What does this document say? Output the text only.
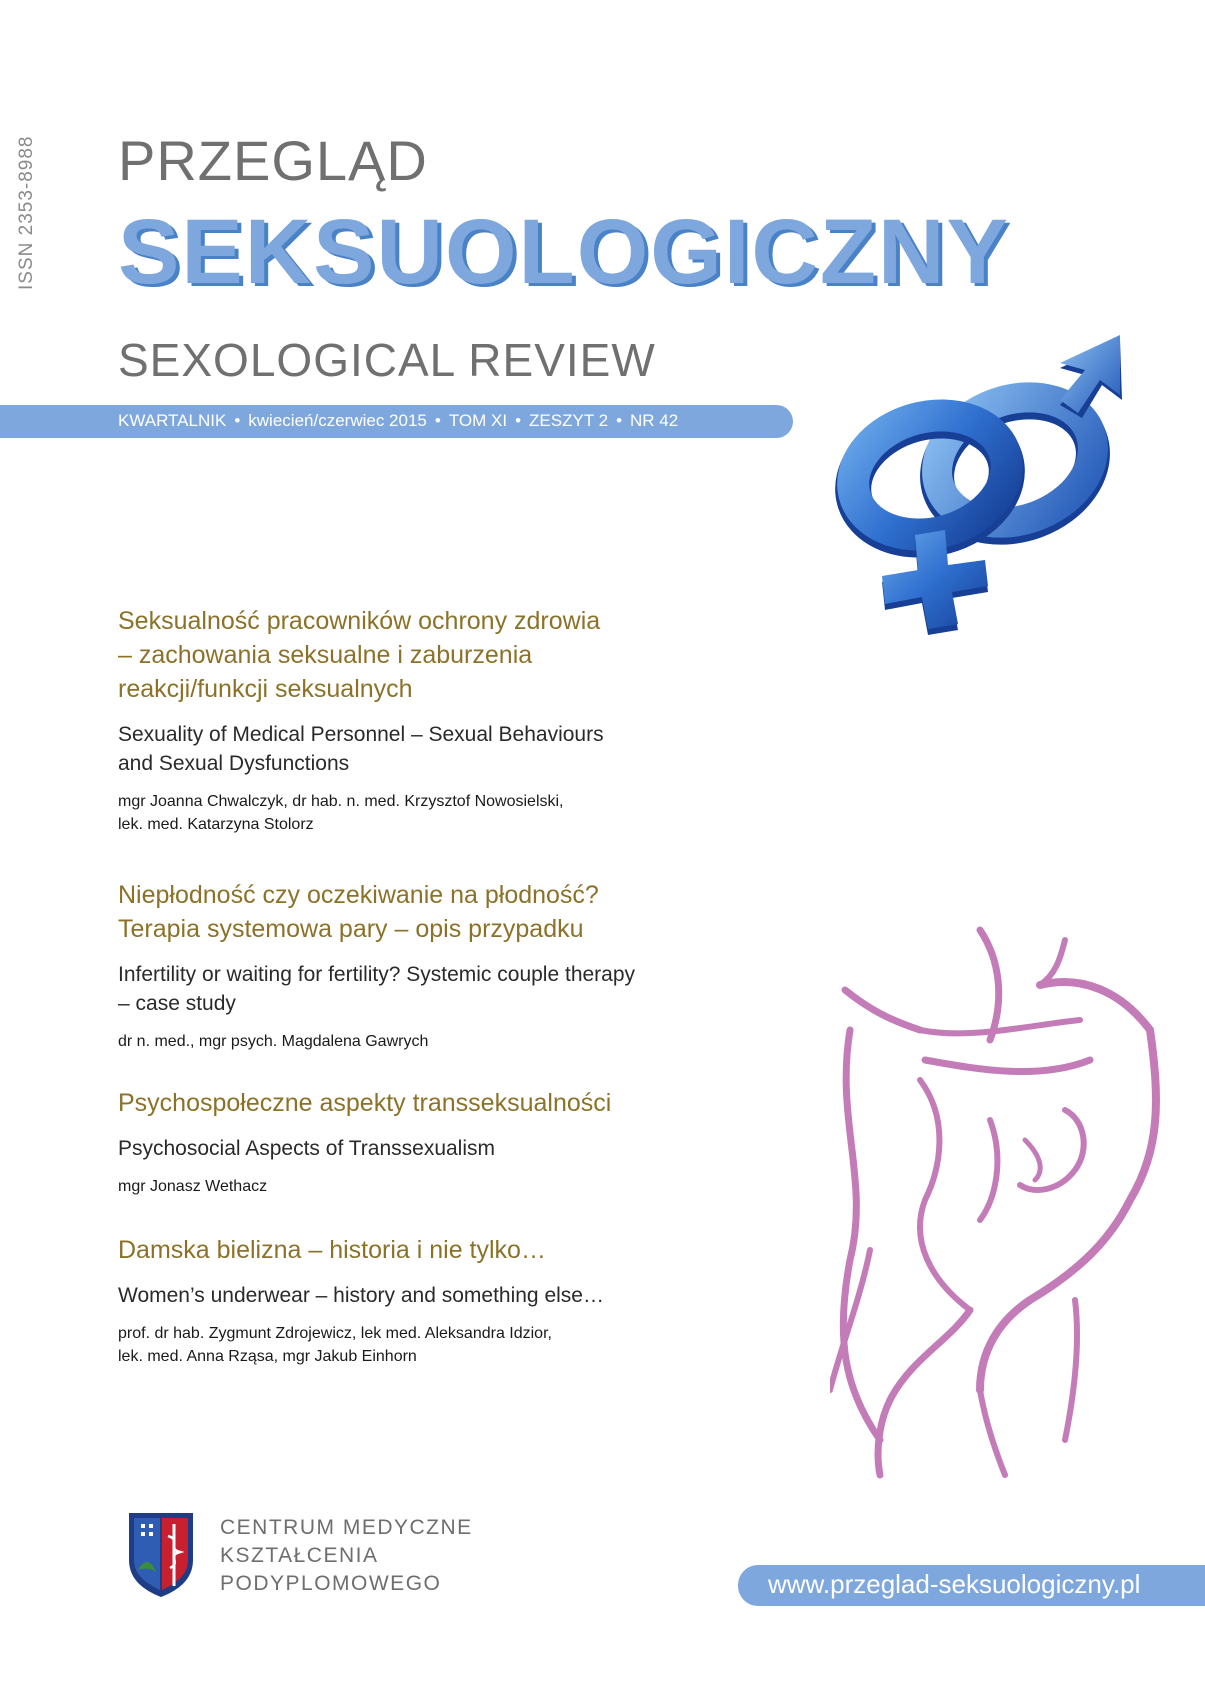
ISSN 2353-8988 PRZEGLĄD
SEKSUOLOGICZNY
SEXOLOGICAL REVIEW
KWARTALNIK • kwiecień/czerwiec 2015 • TOM XI • ZESZYT 2 • NR 42

Seksualność pracowników ochrony zdrowia
– zachowania seksualne i zaburzenia
reakcji/funkcji seksualnych

Sexuality of Medical Personnel – Sexual Behaviours
and Sexual Dysfunctions

mgr Joanna Chwalczyk, dr hab. n. med. Krzysztof Nowosielski,
lek. med. Katarzyna Stolorz

Niepłodność czy oczekiwanie na płodność?
Terapia systemowa pary – opis przypadku

Infertility or waiting for fertility? Systemic couple therapy
– case study

dr n. med., mgr psych. Magdalena Gawrych

Psychospołeczne aspekty transseksualności

Psychosocial Aspects of Transsexualism

mgr Jonasz Wethacz

Damska bielizna – historia i nie tylko…

Women’s underwear – history and something else…

prof. dr hab. Zygmunt Zdrojewicz, lek med. Aleksandra Idzior,
lek. med. Anna Rząsa, mgr Jakub Einhorn

CENTRUM MEDYCZNE
KSZTAŁCENIA
PODYPLOMOWEGO	www.przeglad-seksuologiczny.pl
